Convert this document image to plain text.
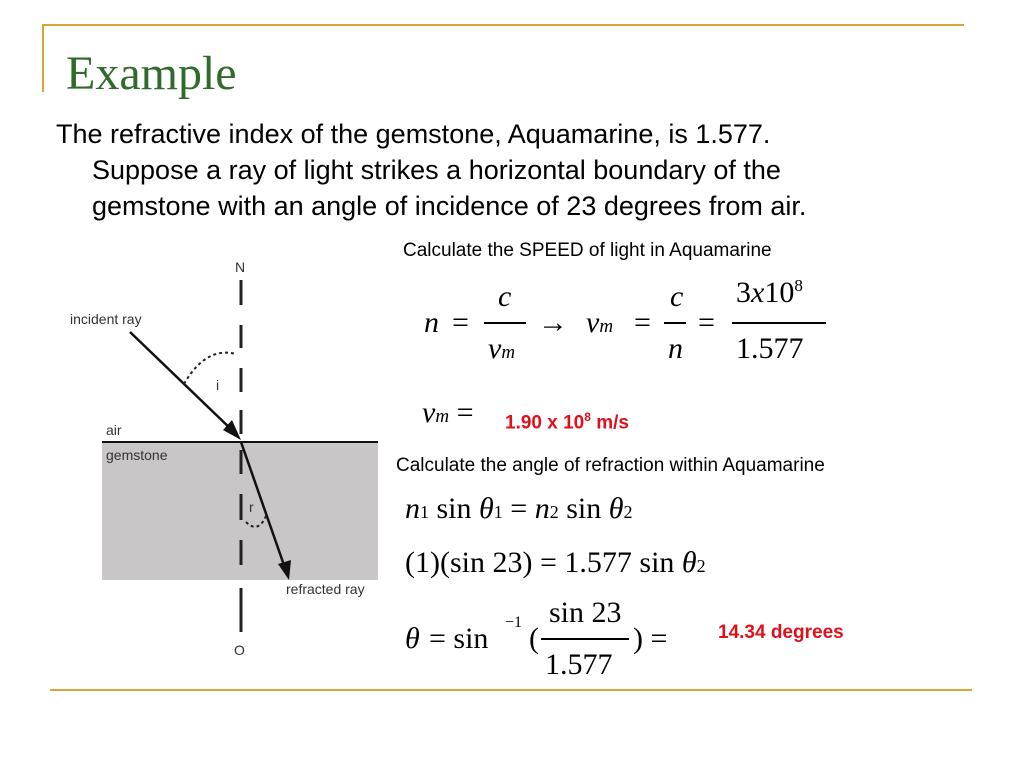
Example
The refractive index of the gemstone, Aquamarine, is 1.577.
Suppose a ray of light strikes a horizontal boundary of the
gemstone with an angle of incidence of 23 degrees from air.
N
O
incident ray
refracted ray
air
gemstone
i
r
Calculate the SPEED of light in Aquamarine
n =
c
vm
→ vm =
c
n
=
$3x10^8$
1.577
vm = 1.90 x $10^8$ m/s
Calculate the angle of refraction within Aquamarine
n1 sin θ1 = n2 sin θ2
(1)(sin 23) = 1.577 sin θ2
θ = sin −1 (
sin 23
1.577
) =	14.34 degrees
